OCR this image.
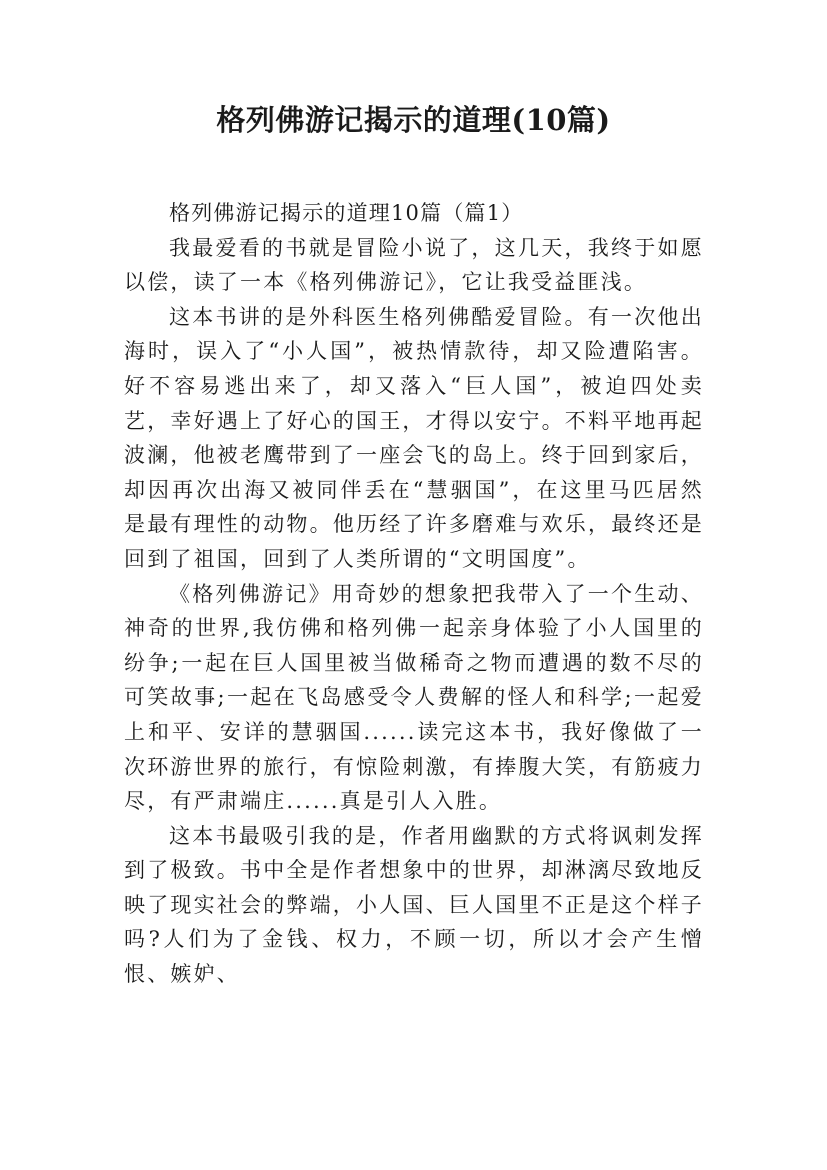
格列佛游记揭示的道理(10篇)

格列佛游记揭示的道理10篇（篇1）

我最爱看的书就是冒险小说了，这几天，我终于如愿以偿，读了一本《格列佛游记》，它让我受益匪浅。

这本书讲的是外科医生格列佛酷爱冒险。有一次他出海时，误入了“小人国”，被热情款待，却又险遭陷害。好不容易逃出来了，却又落入“巨人国”，被迫四处卖艺，幸好遇上了好心的国王，才得以安宁。不料平地再起波澜，他被老鹰带到了一座会飞的岛上。终于回到家后，却因再次出海又被同伴丢在“慧骃国”，在这里马匹居然是最有理性的动物。他历经了许多磨难与欢乐，最终还是回到了祖国，回到了人类所谓的“文明国度”。

《格列佛游记》用奇妙的想象把我带入了一个生动、神奇的世界,我仿佛和格列佛一起亲身体验了小人国里的纷争;一起在巨人国里被当做稀奇之物而遭遇的数不尽的可笑故事;一起在飞岛感受令人费解的怪人和科学;一起爱上和平、安详的慧骃国......读完这本书，我好像做了一次环游世界的旅行，有惊险刺激，有捧腹大笑，有筋疲力尽，有严肃端庄......真是引人入胜。

这本书最吸引我的是，作者用幽默的方式将讽刺发挥到了极致。书中全是作者想象中的世界，却淋漓尽致地反映了现实社会的弊端，小人国、巨人国里不正是这个样子吗?人们为了金钱、权力，不顾一切，所以才会产生憎恨、嫉妒、
